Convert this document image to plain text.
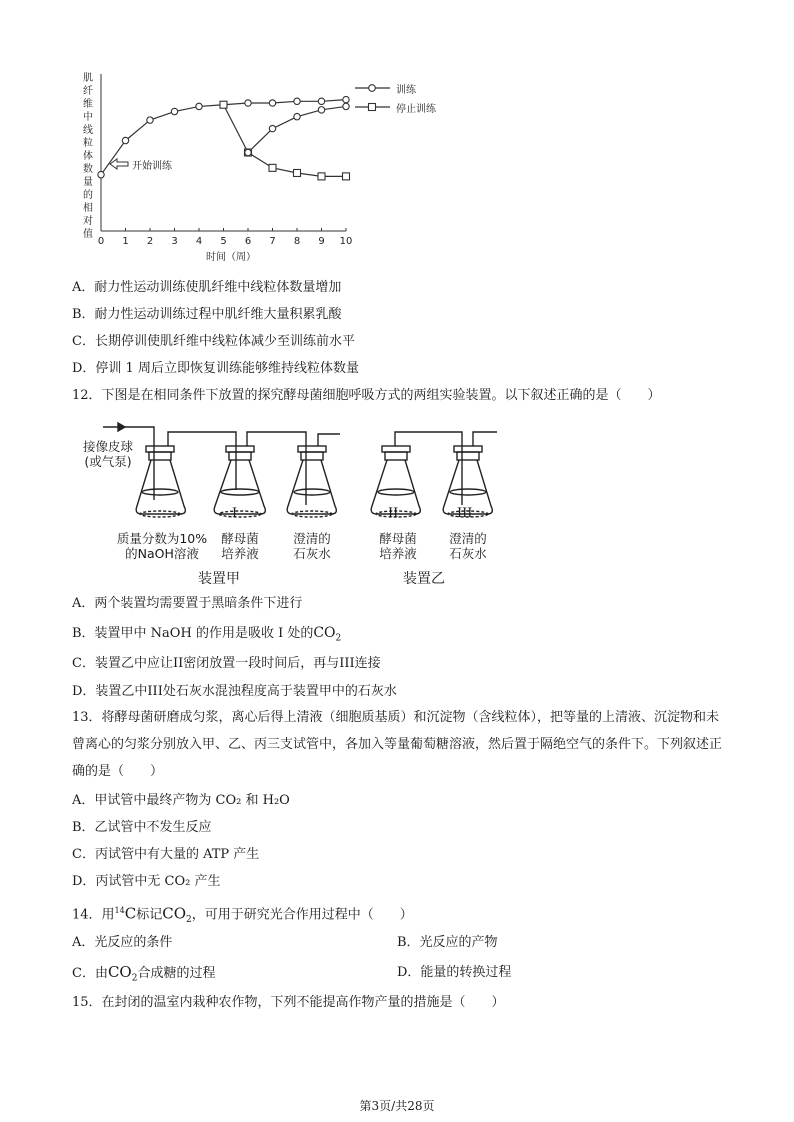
肌纤维中线粒体数量的相对值
0 1 2 3 4 5 6 7 8 9 10
训练
停止训练
开始训练
时间（周）
A．耐力性运动训练使肌纤维中线粒体数量增加
B．耐力性运动训练过程中肌纤维大量积累乳酸
C．长期停训使肌纤维中线粒体减少至训练前水平
D．停训 1 周后立即恢复训练能够维持线粒体数量
12．下图是在相同条件下放置的探究酵母菌细胞呼吸方式的两组实验装置。以下叙述正确的是（　　）
接像皮球
(或气泵)
I	II	III
质量分数为10%
的NaOH溶液
酵母菌
培养液
澄清的
石灰水
酵母菌
培养液
澄清的
石灰水
装置甲	装置乙
A．两个装置均需要置于黑暗条件下进行
B．装置甲中 NaOH 的作用是吸收 I 处的$CO_2$
C．装置乙中应让II密闭放置一段时间后，再与III连接
D．装置乙中III处石灰水混浊程度高于装置甲中的石灰水
13．将酵母菌研磨成匀浆，离心后得上清液（细胞质基质）和沉淀物（含线粒体），把等量的上清液、沉淀物和未曾离心的匀浆分别放入甲、乙、丙三支试管中，各加入等量葡萄糖溶液，然后置于隔绝空气的条件下。下列叙述正确的是（　　）
A．甲试管中最终产物为 CO₂ 和 H₂O
B．乙试管中不发生反应
C．丙试管中有大量的 ATP 产生
D．丙试管中无 CO₂ 产生
14．用$^{14}$C标记$CO_2$，可用于研究光合作用过程中（　　）
A．光反应的条件	B．光反应的产物
C．由$CO_2$合成糖的过程	D．能量的转换过程
15．在封闭的温室内栽种农作物，下列不能提高作物产量的措施是（　　）
第3页/共28页
